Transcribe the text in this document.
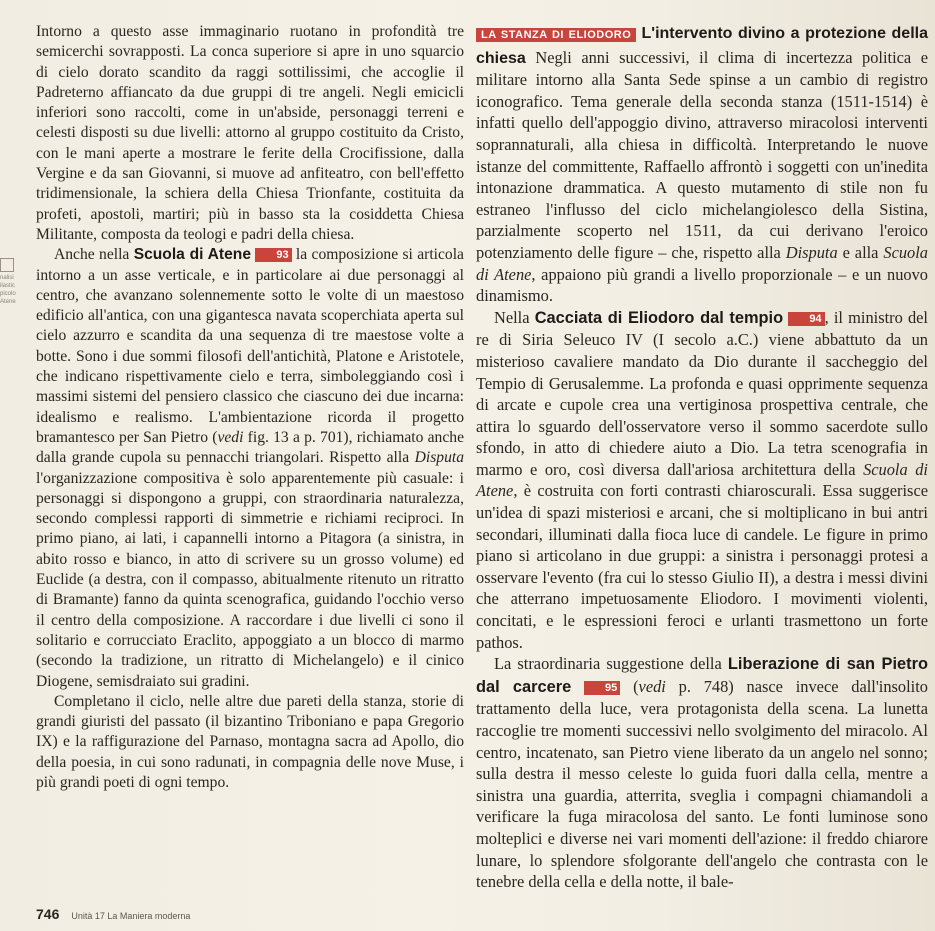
nalisi
ilastic
picolo
Atene

Intorno a questo asse immaginario ruotano in profondità tre semicerchi sovrapposti. La conca superiore si apre in uno squarcio di cielo dorato scandito da raggi sottilissimi, che accoglie il Padreterno affiancato da due gruppi di tre angeli. Negli emicicli inferiori sono raccolti, come in un'abside, personaggi terreni e celesti disposti su due livelli: attorno al gruppo costituito da Cristo, con le mani aperte a mostrare le ferite della Crocifissione, dalla Vergine e da san Giovanni, si muove ad anfiteatro, con bell'effetto tridimensionale, la schiera della Chiesa Trionfante, costituita da profeti, apostoli, martiri; più in basso sta la cosiddetta Chiesa Militante, composta da teologi e padri della chiesa.

Anche nella Scuola di Atene 93 la composizione si articola intorno a un asse verticale, e in particolare ai due personaggi al centro, che avanzano solennemente sotto le volte di un maestoso edificio all'antica, con una gigantesca navata scoperchiata aperta sul cielo azzurro e scandita da una sequenza di tre maestose volte a botte. Sono i due sommi filosofi dell'antichità, Platone e Aristotele, che indicano rispettivamente cielo e terra, simboleggiando così i massimi sistemi del pensiero classico che ciascuno dei due incarna: idealismo e realismo. L'ambientazione ricorda il progetto bramantesco per San Pietro (vedi fig. 13 a p. 701), richiamato anche dalla grande cupola su pennacchi triangolari. Rispetto alla Disputa l'organizzazione compositiva è solo apparentemente più casuale: i personaggi si dispongono a gruppi, con straordinaria naturalezza, secondo complessi rapporti di simmetrie e richiami reciproci. In primo piano, ai lati, i capannelli intorno a Pitagora (a sinistra, in abito rosso e bianco, in atto di scrivere su un grosso volume) ed Euclide (a destra, con il compasso, abitualmente ritenuto un ritratto di Bramante) fanno da quinta scenografica, guidando l'occhio verso il centro della composizione. A raccordare i due livelli ci sono il solitario e corrucciato Eraclito, appoggiato a un blocco di marmo (secondo la tradizione, un ritratto di Michelangelo) e il cinico Diogene, semisdraiato sui gradini.

Completano il ciclo, nelle altre due pareti della stanza, storie di grandi giuristi del passato (il bizantino Triboniano e papa Gregorio IX) e la raffigurazione del Parnaso, montagna sacra ad Apollo, dio della poesia, in cui sono radunati, in compagnia delle nove Muse, i più grandi poeti di ogni tempo.

LA STANZA DI ELIODORO L'intervento divino a protezione della chiesa Negli anni successivi, il clima di incertezza politica e militare intorno alla Santa Sede spinse a un cambio di registro iconografico. Tema generale della seconda stanza (1511-1514) è infatti quello dell'appoggio divino, attraverso miracolosi interventi soprannaturali, alla chiesa in difficoltà. Interpretando le nuove istanze del committente, Raffaello affrontò i soggetti con un'inedita intonazione drammatica. A questo mutamento di stile non fu estraneo l'influsso del ciclo michelangiolesco della Sistina, parzialmente scoperto nel 1511, da cui derivano l'eroico potenziamento delle figure – che, rispetto alla Disputa e alla Scuola di Atene, appaiono più grandi a livello proporzionale – e un nuovo dinamismo.

Nella Cacciata di Eliodoro dal tempio 94 , il ministro del re di Siria Seleuco IV (I secolo a.C.) viene abbattuto da un misterioso cavaliere mandato da Dio durante il saccheggio del Tempio di Gerusalemme. La profonda e quasi opprimente sequenza di arcate e cupole crea una vertiginosa prospettiva centrale, che attira lo sguardo dell'osservatore verso il sommo sacerdote sullo sfondo, in atto di chiedere aiuto a Dio. La tetra scenografia in marmo e oro, così diversa dall'ariosa architettura della Scuola di Atene, è costruita con forti contrasti chiaroscurali. Essa suggerisce un'idea di spazi misteriosi e arcani, che si moltiplicano in bui antri secondari, illuminati dalla fioca luce di candele. Le figure in primo piano si articolano in due gruppi: a sinistra i personaggi protesi a osservare l'evento (fra cui lo stesso Giulio II), a destra i messi divini che atterrano impetuosamente Eliodoro. I movimenti violenti, concitati, e le espressioni feroci e urlanti trasmettono un forte pathos.

La straordinaria suggestione della Liberazione di san Pietro dal carcere	95 (vedi p. 748) nasce invece dall'insolito trattamento della luce, vera protagonista della scena. La lunetta raccoglie tre momenti successivi nello svolgimento del miracolo. Al centro, incatenato, san Pietro viene liberato da un angelo nel sonno; sulla destra il messo celeste lo guida fuori dalla cella, mentre a sinistra una guardia, atterrita, sveglia i compagni chiamandoli a verificare la fuga miracolosa del santo. Le fonti luminose sono molteplici e diverse nei vari momenti dell'azione: il freddo chiarore lunare, lo splendore sfolgorante dell'angelo che contrasta con le tenebre della cella e della notte, il bale-

746 Unità 17 La Maniera moderna
